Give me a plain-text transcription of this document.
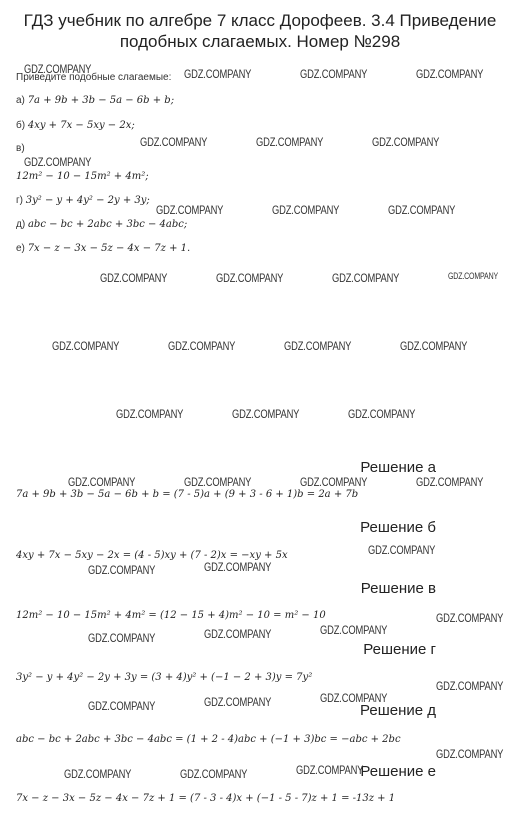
ГДЗ учебник по алгебре 7 класс Дорофеев. 3.4 Приведение
подобных слагаемых. Номер №298
Приведите подобные слагаемые:
а) 7a + 9b + 3b − 5a − 6b + b;
б) 4xy + 7x − 5xy − 2x;
в)
12m² − 10 − 15m² + 4m²;
г) 3y² − y + 4y² − 2y + 3y;
д) abc − bc + 2abc + 3bc − 4abc;
е) 7x − z − 3x − 5z − 4x − 7z + 1.
Решение а
7a + 9b + 3b − 5a − 6b + b = (7 - 5)a + (9 + 3 - 6 + 1)b = 2a + 7b
Решение б
4xy + 7x − 5xy − 2x = (4 - 5)xy + (7 - 2)x = −xy + 5x
Решение в
12m² − 10 − 15m² + 4m² = (12 − 15 + 4)m² − 10 = m² − 10
Решение г
3y² − y + 4y² − 2y + 3y = (3 + 4)y² + (−1 − 2 + 3)y = 7y²
Решение д
abc − bc + 2abc + 3bc − 4abc = (1 + 2 - 4)abc + (−1 + 3)bc = −abc + 2bc
Решение е
7x − z − 3x − 5z − 4x − 7z + 1 = (7 - 3 - 4)x + (−1 - 5 - 7)z + 1 = -13z + 1
GDZ.COMPANY	GDZ.COMPANY	GDZ.COMPANY	GDZ.COMPANY
GDZ.COMPANY	GDZ.COMPANY	GDZ.COMPANY
GDZ.COMPANY
GDZ.COMPANY	GDZ.COMPANY	GDZ.COMPANY
GDZ.COMPANY	GDZ.COMPANY	GDZ.COMPANY	GDZ.COMPANY
GDZ.COMPANY	GDZ.COMPANY	GDZ.COMPANY	GDZ.COMPANY
GDZ.COMPANY	GDZ.COMPANY	GDZ.COMPANY
GDZ.COMPANY	GDZ.COMPANY	GDZ.COMPANY	GDZ.COMPANY
GDZ.COMPANY
GDZ.COMPANY	GDZ.COMPANY
GDZ.COMPANY
GDZ.COMPANY
GDZ.COMPANY	GDZ.COMPANY
GDZ.COMPANY
GDZ.COMPANY
GDZ.COMPANY	GDZ.COMPANY
GDZ.COMPANY
GDZ.COMPANY
GDZ.COMPANY	GDZ.COMPANY
